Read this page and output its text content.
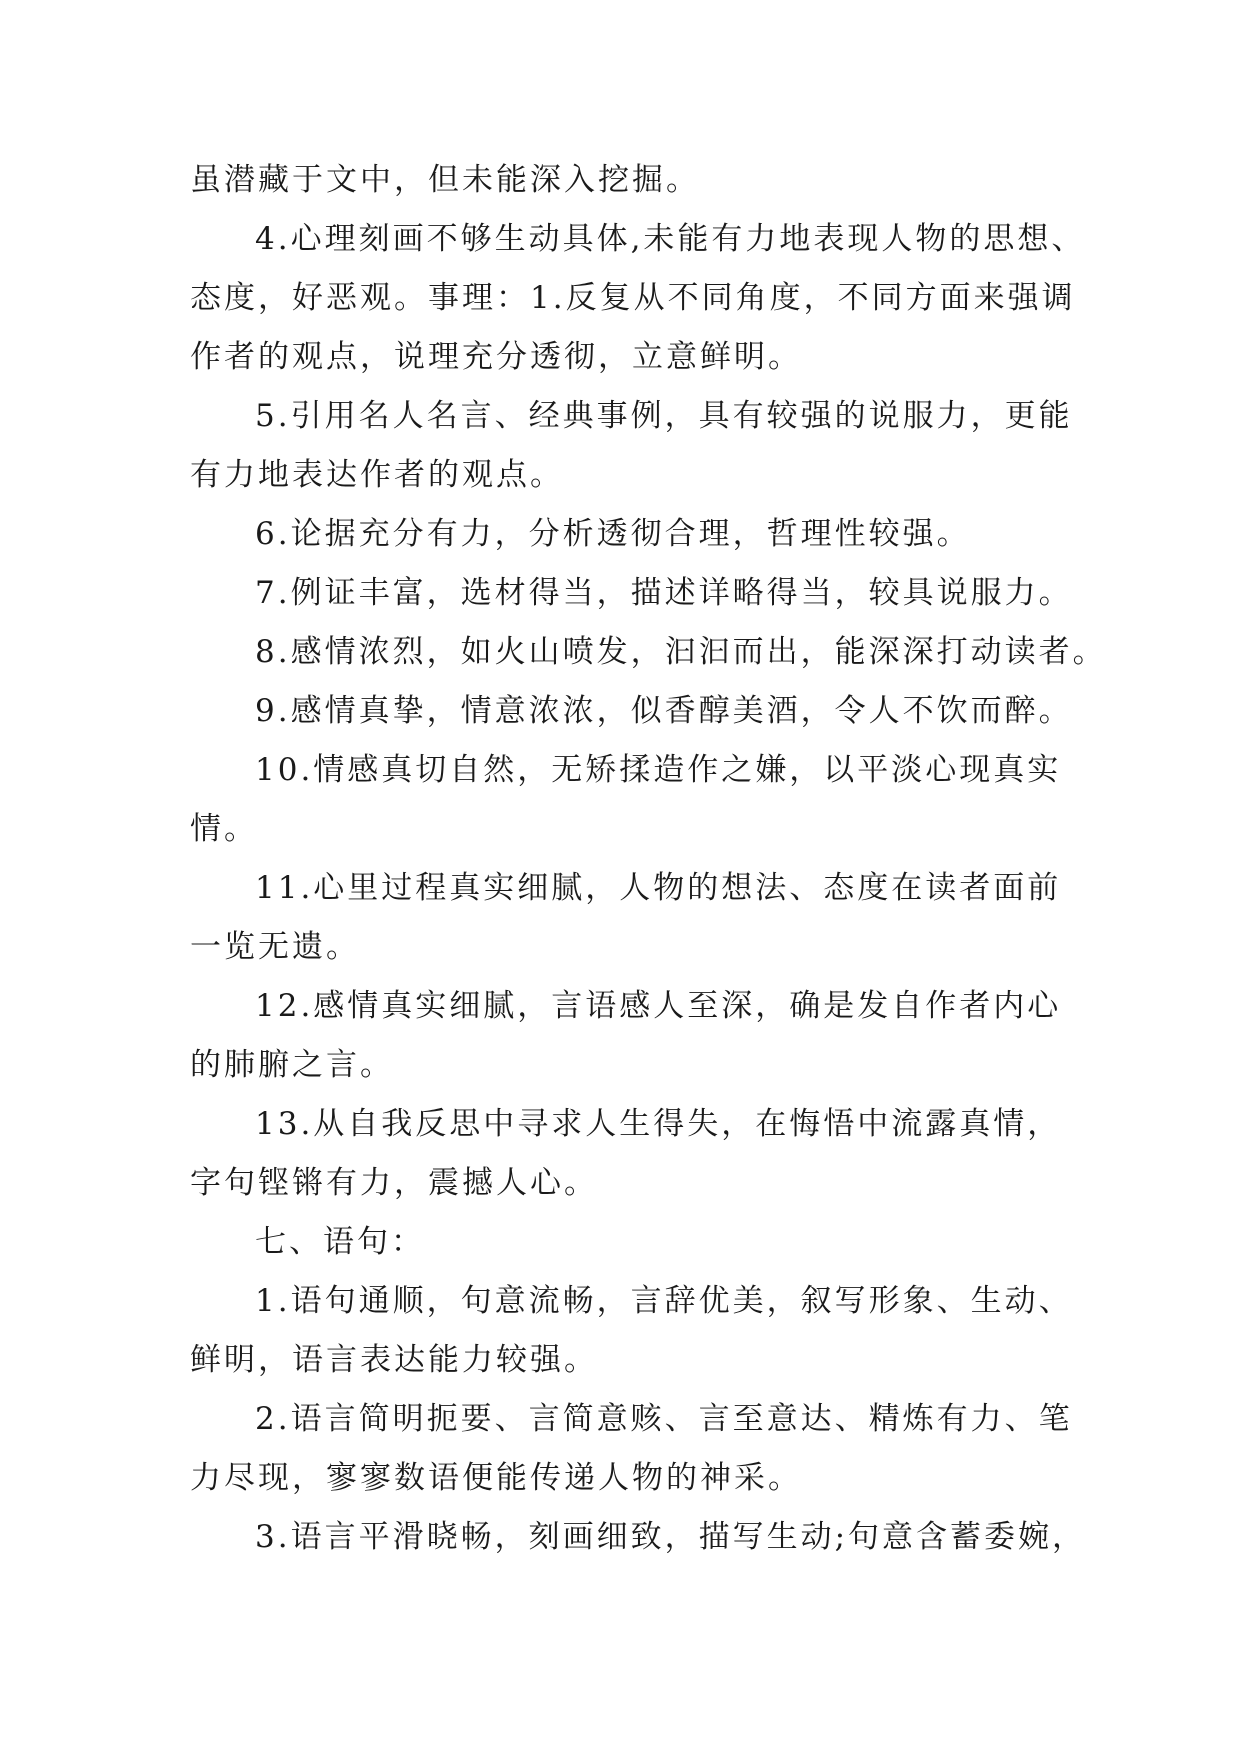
虽潜藏于文中，但未能深入挖掘。
4.心理刻画不够生动具体,未能有力地表现人物的思想、
态度，好恶观。事理：1.反复从不同角度，不同方面来强调
作者的观点，说理充分透彻，立意鲜明。
5.引用名人名言、经典事例，具有较强的说服力，更能
有力地表达作者的观点。
6.论据充分有力，分析透彻合理，哲理性较强。
7.例证丰富，选材得当，描述详略得当，较具说服力。
8.感情浓烈，如火山喷发，汩汩而出，能深深打动读者。
9.感情真挚，情意浓浓，似香醇美酒，令人不饮而醉。
10.情感真切自然，无矫揉造作之嫌，以平淡心现真实
情。
11.心里过程真实细腻，人物的想法、态度在读者面前
一览无遗。
12.感情真实细腻，言语感人至深，确是发自作者内心
的肺腑之言。
13.从自我反思中寻求人生得失，在悔悟中流露真情，
字句铿锵有力，震撼人心。
七、语句：
1.语句通顺，句意流畅，言辞优美，叙写形象、生动、
鲜明，语言表达能力较强。
2.语言简明扼要、言简意赅、言至意达、精炼有力、笔
力尽现，寥寥数语便能传递人物的神采。
3.语言平滑晓畅，刻画细致，描写生动;句意含蓄委婉，
